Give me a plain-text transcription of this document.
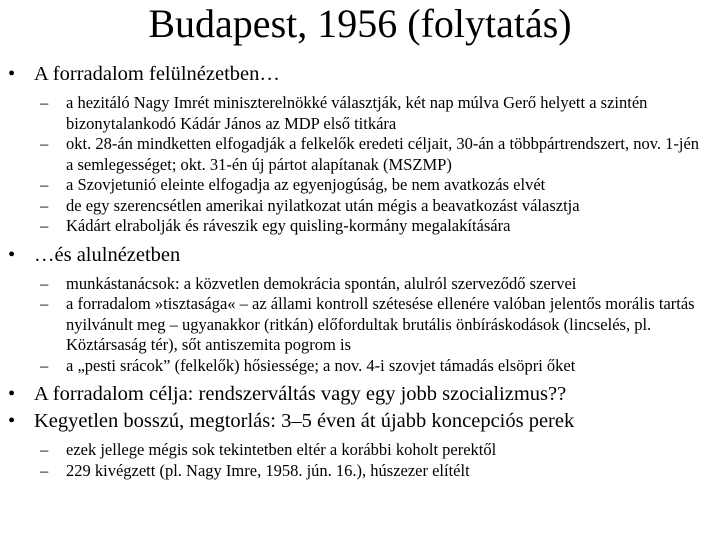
Budapest, 1956 (folytatás)
• A forradalom felülnézetben…
– a hezitáló Nagy Imrét miniszterelnökké választják, két nap múlva Gerő helyett a szintén bizonytalankodó Kádár János az MDP első titkára
– okt. 28-án mindketten elfogadják a felkelők eredeti céljait, 30-án a többpártrendszert, nov. 1-jén a semlegességet; okt. 31-én új pártot alapítanak (MSZMP)
– a Szovjetunió eleinte elfogadja az egyenjogúság, be nem avatkozás elvét
– de egy szerencsétlen amerikai nyilatkozat után mégis a beavatkozást választja
– Kádárt elrabolják és ráveszik egy quisling-kormány megalakítására
• …és alulnézetben
– munkástanácsok: a közvetlen demokrácia spontán, alulról szerveződő szervei
– a forradalom »tisztasága« – az állami kontroll szétesése ellenére valóban jelentős morális tartás nyilvánult meg – ugyanakkor (ritkán) előfordultak brutális önbíráskodások (lincselés, pl. Köztársaság tér), sőt antiszemita pogrom is
– a „pesti srácok” (felkelők) hősiessége; a nov. 4-i szovjet támadás elsöpri őket
• A forradalom célja: rendszerváltás vagy egy jobb szocializmus??
• Kegyetlen bosszú, megtorlás: 3–5 éven át újabb koncepciós perek
– ezek jellege mégis sok tekintetben eltér a korábbi koholt perektől
– 229 kivégzett (pl. Nagy Imre, 1958. jún. 16.), húszezer elítélt
